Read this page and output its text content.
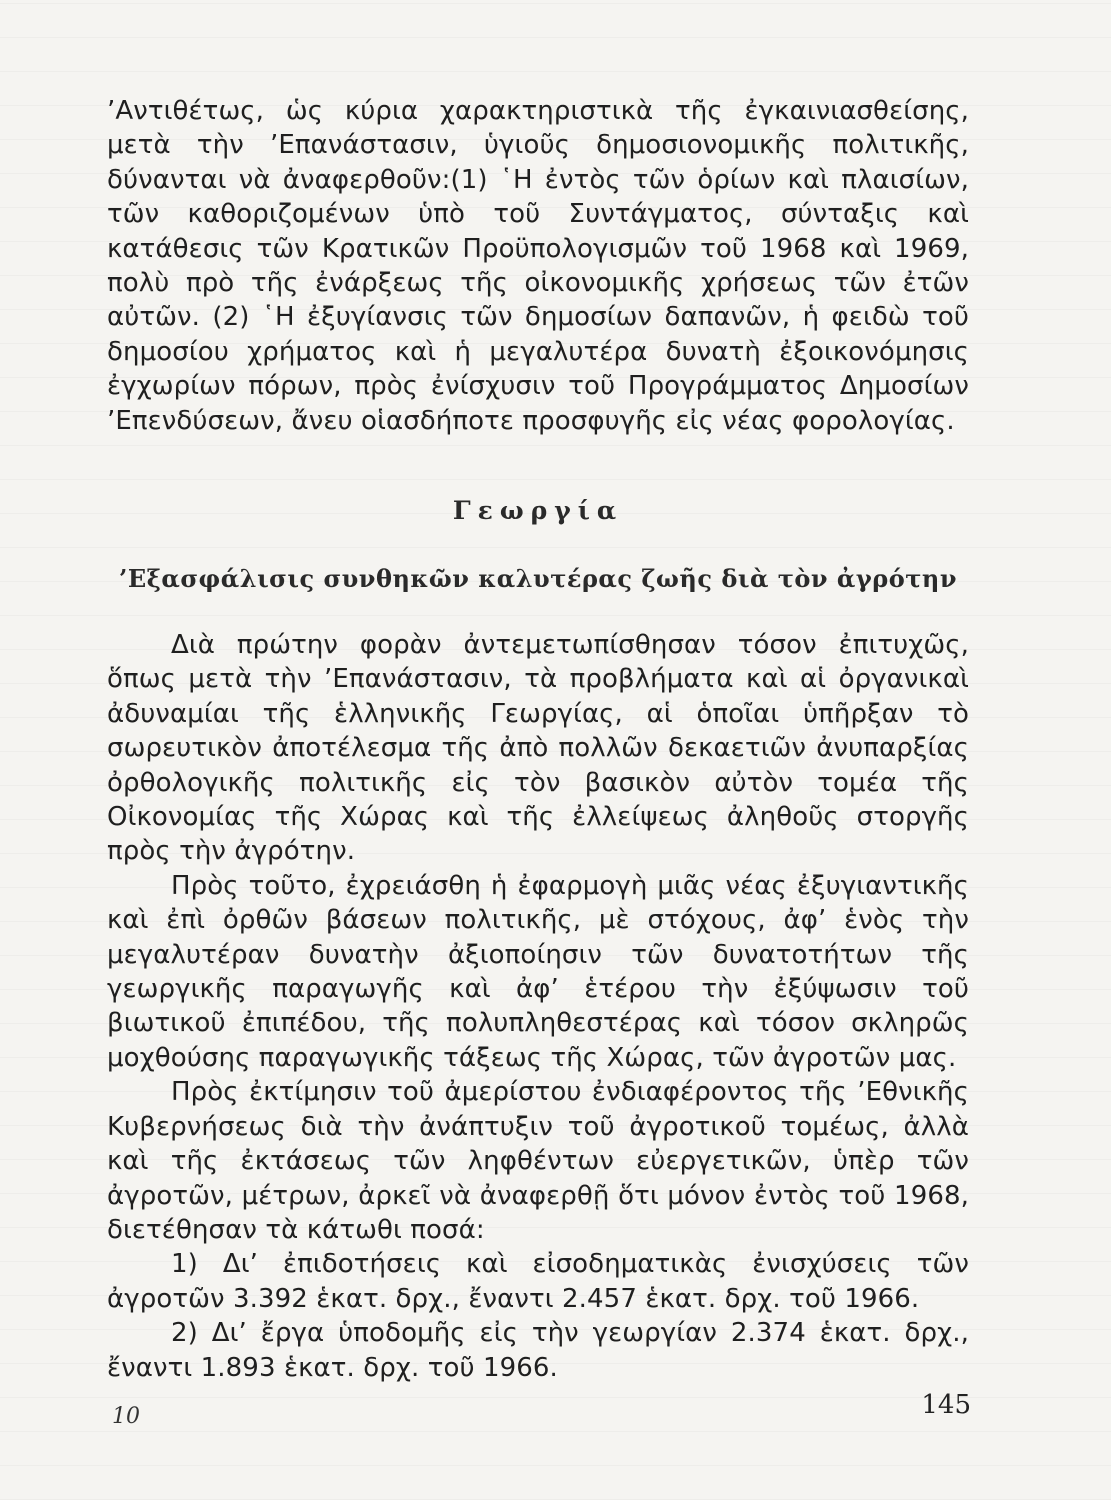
’Αντιθέτως, ὡς κύρια χαρακτηριστικὰ τῆς ἐγκαινιασθείσης, μετὰ τὴν ’Επανάστασιν, ὑγιοῦς δημοσιονομικῆς πολιτικῆς, δύνανται νὰ ἀναφερθοῦν:(1) ῾Η ἐντὸς τῶν ὁρίων καὶ πλαισίων, τῶν καθοριζομένων ὑπὸ τοῦ Συντάγματος, σύνταξις καὶ κατάθεσις τῶν Κρατικῶν Προϋπολογισμῶν τοῦ 1968 καὶ 1969, πολὺ πρὸ τῆς ἐνάρξεως τῆς οἰκονομικῆς χρήσεως τῶν ἐτῶν αὐτῶν. (2) ῾Η ἐξυγίανσις τῶν δημοσίων δαπανῶν, ἡ φειδὼ τοῦ δημοσίου χρήματος καὶ ἡ μεγαλυτέρα δυνατὴ ἐξοικονόμησις ἐγχωρίων πόρων, πρὸς ἐνίσχυσιν τοῦ Προγράμματος Δημοσίων ’Επενδύσεων, ἄνευ οἱασδήποτε προσφυγῆς εἰς νέας φορολογίας.

Γεωργία
’Εξασφάλισις συνθηκῶν καλυτέρας ζωῆς διὰ τὸν ἀγρότην

Διὰ πρώτην φορὰν ἀντεμετωπίσθησαν τόσον ἐπιτυχῶς, ὅπως μετὰ τὴν ’Επανάστασιν, τὰ προβλήματα καὶ αἱ ὀργανικαὶ ἀδυναμίαι τῆς ἑλληνικῆς Γεωργίας, αἱ ὁποῖαι ὑπῆρξαν τὸ σωρευτικὸν ἀποτέλεσμα τῆς ἀπὸ πολλῶν δεκαετιῶν ἀνυπαρξίας ὀρθολογικῆς πολιτικῆς εἰς τὸν βασικὸν αὐτὸν τομέα τῆς Οἰκονομίας τῆς Χώρας καὶ τῆς ἐλλείψεως ἀληθοῦς στοργῆς πρὸς τὴν ἀγρότην.

Πρὸς τοῦτο, ἐχρειάσθη ἡ ἐφαρμογὴ μιᾶς νέας ἐξυγιαντικῆς καὶ ἐπὶ ὀρθῶν βάσεων πολιτικῆς, μὲ στόχους, ἀφ’ ἑνὸς τὴν μεγαλυτέραν δυνατὴν ἀξιοποίησιν τῶν δυνατοτήτων τῆς γεωργικῆς παραγωγῆς καὶ ἀφ’ ἑτέρου τὴν ἐξύψωσιν τοῦ βιωτικοῦ ἐπιπέδου, τῆς πολυπληθεστέρας καὶ τόσον σκληρῶς μοχθούσης παραγωγικῆς τάξεως τῆς Χώρας, τῶν ἀγροτῶν μας.

Πρὸς ἐκτίμησιν τοῦ ἀμερίστου ἐνδιαφέροντος τῆς ’Εθνικῆς Κυβερνήσεως διὰ τὴν ἀνάπτυξιν τοῦ ἀγροτικοῦ τομέως, ἀλλὰ καὶ τῆς ἐκτάσεως τῶν ληφθέντων εὐεργετικῶν, ὑπὲρ τῶν ἀγροτῶν, μέτρων, ἀρκεῖ νὰ ἀναφερθῇ ὅτι μόνον ἐντὸς τοῦ 1968, διετέθησαν τὰ κάτωθι ποσά:

1) Δι’ ἐπιδοτήσεις καὶ εἰσοδηματικὰς ἐνισχύσεις τῶν ἀγροτῶν 3.392 ἑκατ. δρχ., ἔναντι 2.457 ἑκατ. δρχ. τοῦ 1966.

2) Δι’ ἔργα ὑποδομῆς εἰς τὴν γεωργίαν 2.374 ἑκατ. δρχ., ἔναντι 1.893 ἑκατ. δρχ. τοῦ 1966.

10	145
